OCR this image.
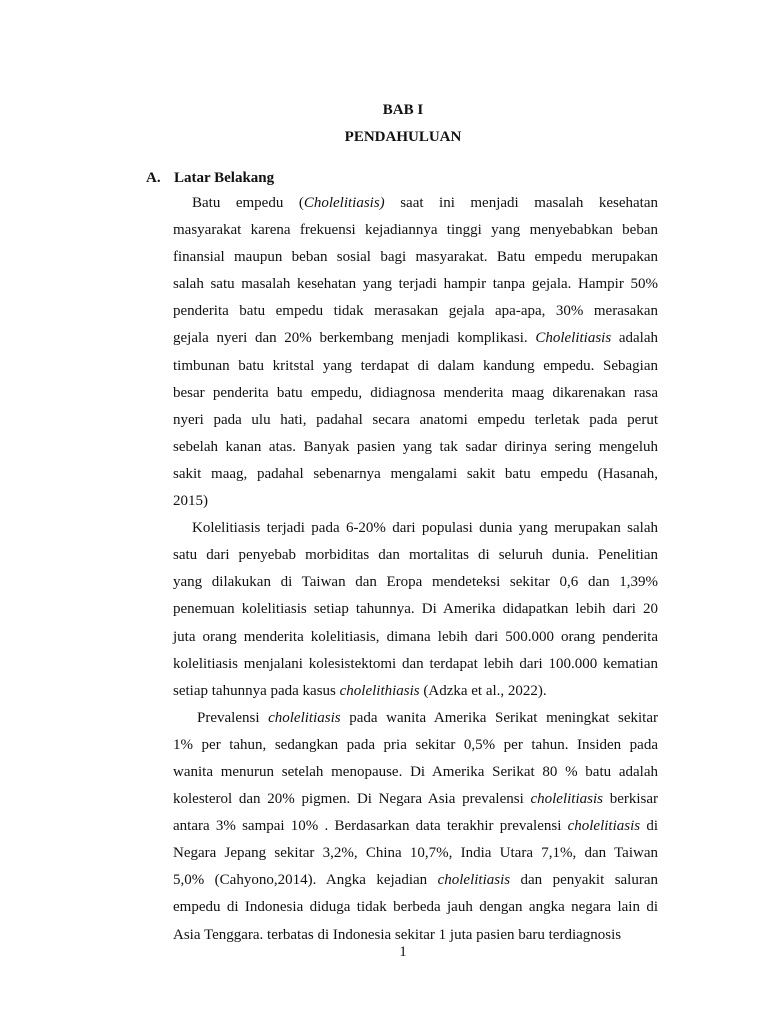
BAB I
PENDAHULUAN
A. Latar Belakang
Batu empedu (Cholelitiasis) saat ini menjadi masalah kesehatan
masyarakat karena frekuensi kejadiannya tinggi yang menyebabkan beban
finansial maupun beban sosial bagi masyarakat. Batu empedu merupakan
salah satu masalah kesehatan yang terjadi hampir tanpa gejala. Hampir 50%
penderita batu empedu tidak merasakan gejala apa-apa, 30% merasakan
gejala nyeri dan 20% berkembang menjadi komplikasi. Cholelitiasis adalah
timbunan batu kritstal yang terdapat di dalam kandung empedu. Sebagian
besar penderita batu empedu, didiagnosa menderita maag dikarenakan rasa
nyeri pada ulu hati, padahal secara anatomi empedu terletak pada perut
sebelah kanan atas. Banyak pasien yang tak sadar dirinya sering mengeluh
sakit maag, padahal sebenarnya mengalami sakit batu empedu (Hasanah,
2015)
Kolelitiasis terjadi pada 6-20% dari populasi dunia yang merupakan salah
satu dari penyebab morbiditas dan mortalitas di seluruh dunia. Penelitian
yang dilakukan di Taiwan dan Eropa mendeteksi sekitar 0,6 dan 1,39%
penemuan kolelitiasis setiap tahunnya. Di Amerika didapatkan lebih dari 20
juta orang menderita kolelitiasis, dimana lebih dari 500.000 orang penderita
kolelitiasis menjalani kolesistektomi dan terdapat lebih dari 100.000 kematian
setiap tahunnya pada kasus cholelithiasis (Adzka et al., 2022).
Prevalensi cholelitiasis pada wanita Amerika Serikat meningkat sekitar
1% per tahun, sedangkan pada pria sekitar 0,5% per tahun. Insiden pada
wanita menurun setelah menopause. Di Amerika Serikat 80 % batu adalah
kolesterol dan 20% pigmen. Di Negara Asia prevalensi cholelitiasis berkisar
antara 3% sampai 10% . Berdasarkan data terakhir prevalensi cholelitiasis di
Negara Jepang sekitar 3,2%, China 10,7%, India Utara 7,1%, dan Taiwan
5,0% (Cahyono,2014). Angka kejadian cholelitiasis dan penyakit saluran
empedu di Indonesia diduga tidak berbeda jauh dengan angka negara lain di
Asia Tenggara. terbatas di Indonesia sekitar 1 juta pasien baru terdiagnosis
1
